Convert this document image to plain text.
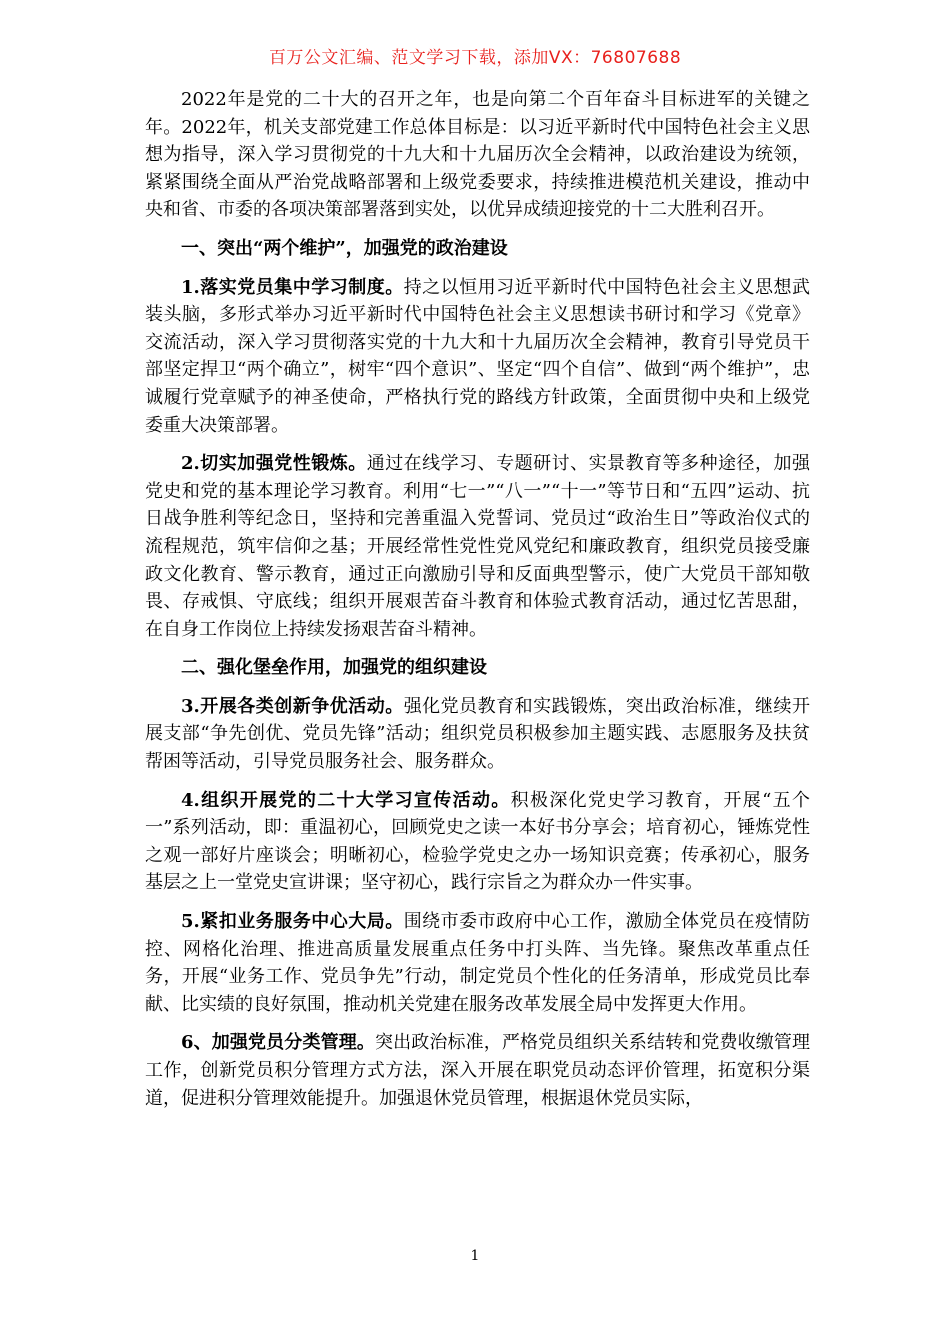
百万公文汇编、范文学习下载，添加VX：76807688

2022年是党的二十大的召开之年，也是向第二个百年奋斗目标进军的关键之年。2022年，机关支部党建工作总体目标是：以习近平新时代中国特色社会主义思想为指导，深入学习贯彻党的十九大和十九届历次全会精神，以政治建设为统领，紧紧围绕全面从严治党战略部署和上级党委要求，持续推进模范机关建设，推动中央和省、市委的各项决策部署落到实处，以优异成绩迎接党的十二大胜利召开。

一、突出“两个维护”，加强党的政治建设

1.落实党员集中学习制度。持之以恒用习近平新时代中国特色社会主义思想武装头脑，多形式举办习近平新时代中国特色社会主义思想读书研讨和学习《党章》交流活动，深入学习贯彻落实党的十九大和十九届历次全会精神，教育引导党员干部坚定捍卫“两个确立”，树牢“四个意识”、坚定“四个自信”、做到“两个维护”，忠诚履行党章赋予的神圣使命，严格执行党的路线方针政策，全面贯彻中央和上级党委重大决策部署。

2.切实加强党性锻炼。通过在线学习、专题研讨、实景教育等多种途径，加强党史和党的基本理论学习教育。利用“七一”“八一”“十一”等节日和“五四”运动、抗日战争胜利等纪念日，坚持和完善重温入党誓词、党员过“政治生日”等政治仪式的流程规范，筑牢信仰之基；开展经常性党性党风党纪和廉政教育，组织党员接受廉政文化教育、警示教育，通过正向激励引导和反面典型警示，使广大党员干部知敬畏、存戒惧、守底线；组织开展艰苦奋斗教育和体验式教育活动，通过忆苦思甜，在自身工作岗位上持续发扬艰苦奋斗精神。

二、强化堡垒作用，加强党的组织建设

3.开展各类创新争优活动。强化党员教育和实践锻炼，突出政治标准，继续开展支部“争先创优、党员先锋”活动；组织党员积极参加主题实践、志愿服务及扶贫帮困等活动，引导党员服务社会、服务群众。

4.组织开展党的二十大学习宣传活动。积极深化党史学习教育，开展“五个一”系列活动，即：重温初心，回顾党史之读一本好书分享会；培育初心，锤炼党性之观一部好片座谈会；明晰初心，检验学党史之办一场知识竞赛；传承初心，服务基层之上一堂党史宣讲课；坚守初心，践行宗旨之为群众办一件实事。

5.紧扣业务服务中心大局。围绕市委市政府中心工作，激励全体党员在疫情防控、网格化治理、推进高质量发展重点任务中打头阵、当先锋。聚焦改革重点任务，开展“业务工作、党员争先”行动，制定党员个性化的任务清单，形成党员比奉献、比实绩的良好氛围，推动机关党建在服务改革发展全局中发挥更大作用。

6、加强党员分类管理。突出政治标准，严格党员组织关系结转和党费收缴管理工作，创新党员积分管理方式方法，深入开展在职党员动态评价管理，拓宽积分渠道，促进积分管理效能提升。加强退休党员管理，根据退休党员实际，

1
